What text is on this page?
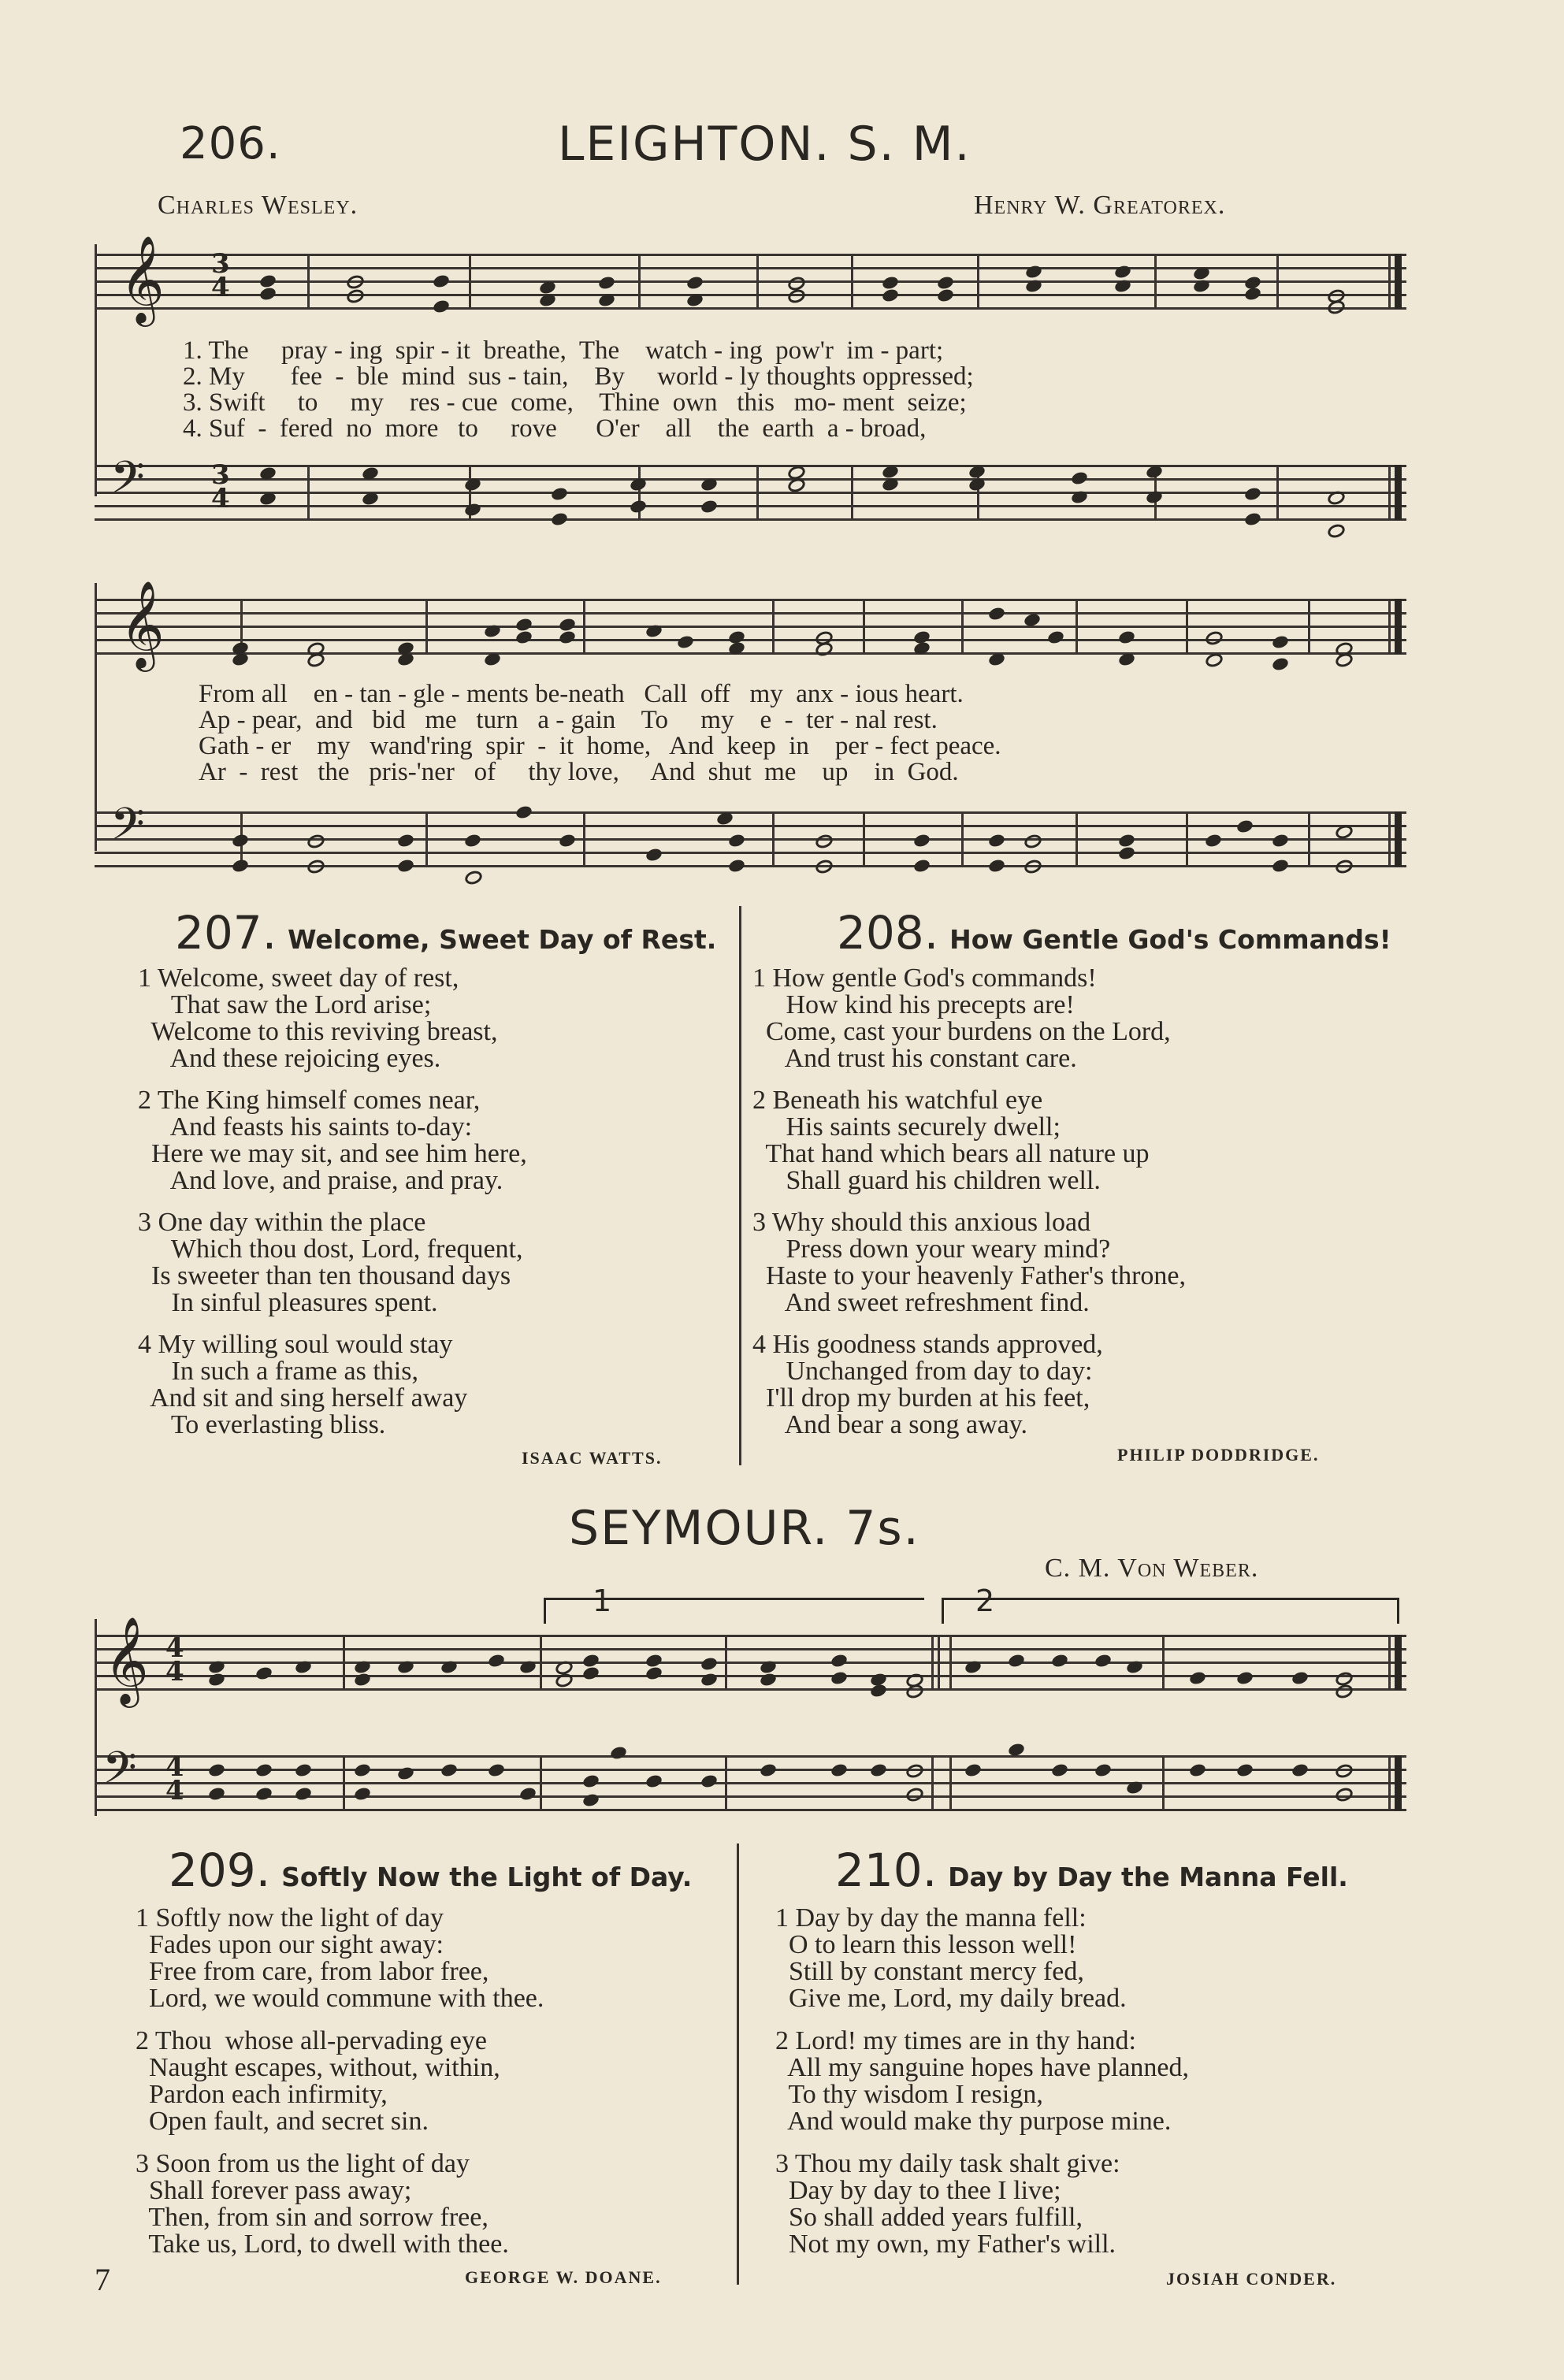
206.	LEIGHTON. S. M.
Charles Wesley.	Henry W. Greatorex.
𝄞 3
4
1. The     pray - ing  spir - it  breathe,  The    watch - ing  pow'r  im - part;
2. My       fee  -  ble  mind  sus - tain,    By     world - ly thoughts oppressed;
3. Swift     to     my    res - cue  come,    Thine  own   this   mo- ment  seize;
4. Suf  -  fered  no  more   to     rove      O'er    all    the  earth  a - broad,
𝄢 3
4
𝄞
From all    en - tan - gle - ments be-neath   Call  off   my  anx - ious heart.
Ap - pear,  and   bid   me   turn   a - gain    To     my    e  -  ter - nal rest.
Gath - er    my   wand'ring  spir  -  it  home,   And  keep  in    per - fect peace.
Ar  -  rest   the   pris-'ner   of     thy love,     And  shut  me    up    in  God.
𝄢
207. Welcome, Sweet Day of Rest.
1 Welcome, sweet day of rest,
That saw the Lord arise;
Welcome to this reviving breast,
And these rejoicing eyes.
2 The King himself comes near,
And feasts his saints to-day:
Here we may sit, and see him here,
And love, and praise, and pray.
3 One day within the place
Which thou dost, Lord, frequent,
Is sweeter than ten thousand days
In sinful pleasures spent.
4 My willing soul would stay
In such a frame as this,
And sit and sing herself away
To everlasting bliss.
ISAAC WATTS.
208. How Gentle God's Commands!
1 How gentle God's commands!
How kind his precepts are!
Come, cast your burdens on the Lord,
And trust his constant care.
2 Beneath his watchful eye
His saints securely dwell;
That hand which bears all nature up
Shall guard his children well.
3 Why should this anxious load
Press down your weary mind?
Haste to your heavenly Father's throne,
And sweet refreshment find.
4 His goodness stands approved,
Unchanged from day to day:
I'll drop my burden at his feet,
And bear a song away.
PHILIP DODDRIDGE.
SEYMOUR. 7s.
C. M. Von Weber.
1	2
𝄞 4
4
𝄢 4
4
209. Softly Now the Light of Day.
1 Softly now the light of day
Fades upon our sight away:
Free from care, from labor free,
Lord, we would commune with thee.
2 Thou  whose all-pervading eye
Naught escapes, without, within,
Pardon each infirmity,
Open fault, and secret sin.
3 Soon from us the light of day
Shall forever pass away;
Then, from sin and sorrow free,
Take us, Lord, to dwell with thee.
GEORGE W. DOANE.
210. Day by Day the Manna Fell.
1 Day by day the manna fell:
O to learn this lesson well!
Still by constant mercy fed,
Give me, Lord, my daily bread.
2 Lord! my times are in thy hand:
All my sanguine hopes have planned,
To thy wisdom I resign,
And would make thy purpose mine.
3 Thou my daily task shalt give:
Day by day to thee I live;
So shall added years fulfill,
Not my own, my Father's will.
JOSIAH CONDER.
7
